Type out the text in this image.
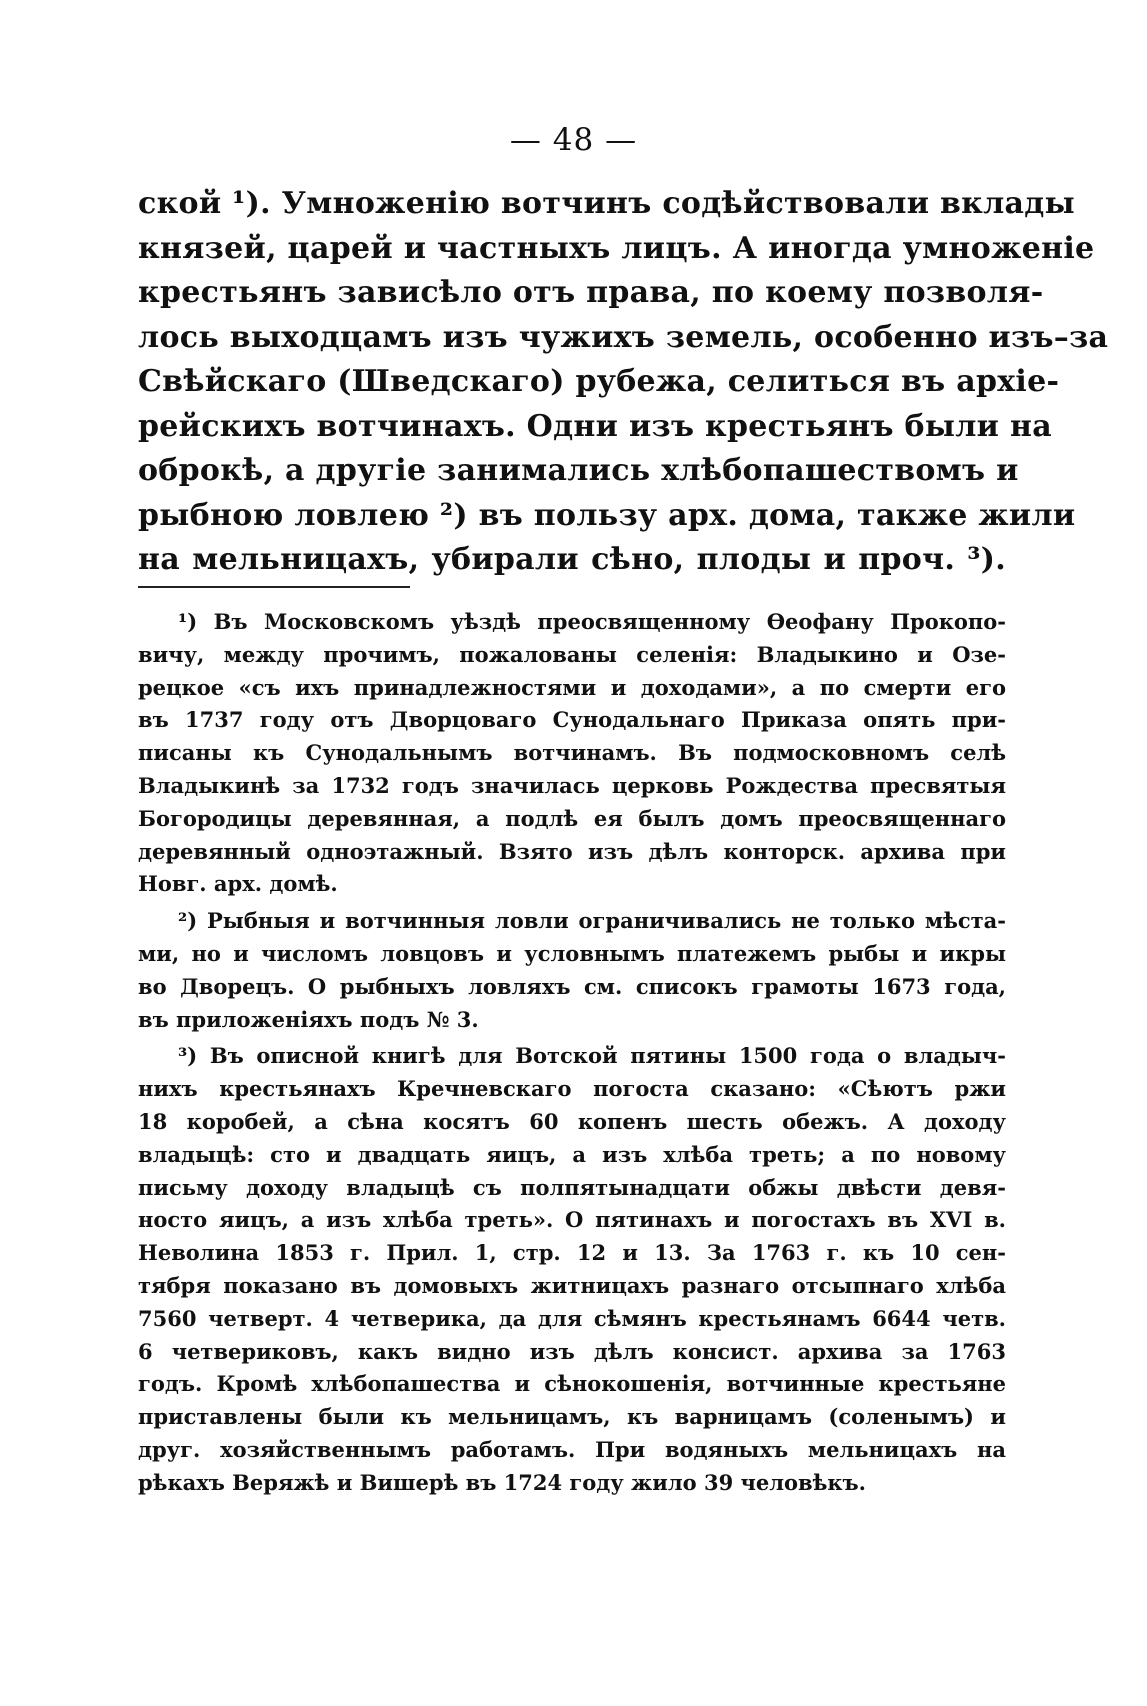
— 48 —
ской ¹). Умноженію вотчинъ содѣйствовали вклады
князей, царей и частныхъ лицъ. А иногда умноженіе
крестьянъ зависѣло отъ права, по коему позволя-
лось выходцамъ изъ чужихъ земель, особенно изъ–за
Свѣйскаго (Шведскаго) рубежа, селиться въ архіе-
рейскихъ вотчинахъ. Одни изъ крестьянъ были на
оброкѣ, а другіе занимались хлѣбопашествомъ и
рыбною ловлею ²) въ пользу арх. дома, также жили
на мельницахъ, убирали сѣно, плоды и проч. ³).
¹) Въ Московскомъ уѣздѣ преосвященному Ѳеофану Прокопо-
вичу, между прочимъ, пожалованы селенія: Владыкино и Озе-
рецкое «съ ихъ принадлежностями и доходами», а по смерти его
въ 1737 году отъ Дворцоваго Сунодальнаго Приказа опять при-
писаны къ Сунодальнымъ вотчинамъ. Въ подмосковномъ селѣ
Владыкинѣ за 1732 годъ значилась церковь Рождества пресвятыя
Богородицы деревянная, а подлѣ ея былъ домъ преосвященнаго
деревянный одноэтажный. Взято изъ дѣлъ конторск. архива при
Новг. арх. домѣ.
²) Рыбныя и вотчинныя ловли ограничивались не только мѣста-
ми, но и числомъ ловцовъ и условнымъ платежемъ рыбы и икры
во Дворецъ. О рыбныхъ ловляхъ см. списокъ грамоты 1673 года,
въ приложеніяхъ подъ № 3.
³) Въ описной книгѣ для Вотской пятины 1500 года о владыч-
нихъ крестьянахъ Кречневскаго погоста сказано: «Сѣютъ ржи
18 коробей, а сѣна косятъ 60 копенъ шесть обежъ. А доходу
владыцѣ: сто и двадцать яицъ, а изъ хлѣба треть; а по новому
письму доходу владыцѣ съ полпятынадцати обжы двѣсти девя-
носто яицъ, а изъ хлѣба треть». О пятинахъ и погостахъ въ XVI в.
Неволина 1853 г. Прил. 1, стр. 12 и 13. За 1763 г. къ 10 сен-
тября показано въ домовыхъ житницахъ разнаго отсыпнаго хлѣба
7560 четверт. 4 четверика, да для сѣмянъ крестьянамъ 6644 четв.
6 четвериковъ, какъ видно изъ дѣлъ консист. архива за 1763
годъ. Кромѣ хлѣбопашества и сѣнокошенія, вотчинные крестьяне
приставлены были къ мельницамъ, къ варницамъ (соленымъ) и
друг. хозяйственнымъ работамъ. При водяныхъ мельницахъ на
рѣкахъ Веряжѣ и Вишерѣ въ 1724 году жило 39 человѣкъ.
